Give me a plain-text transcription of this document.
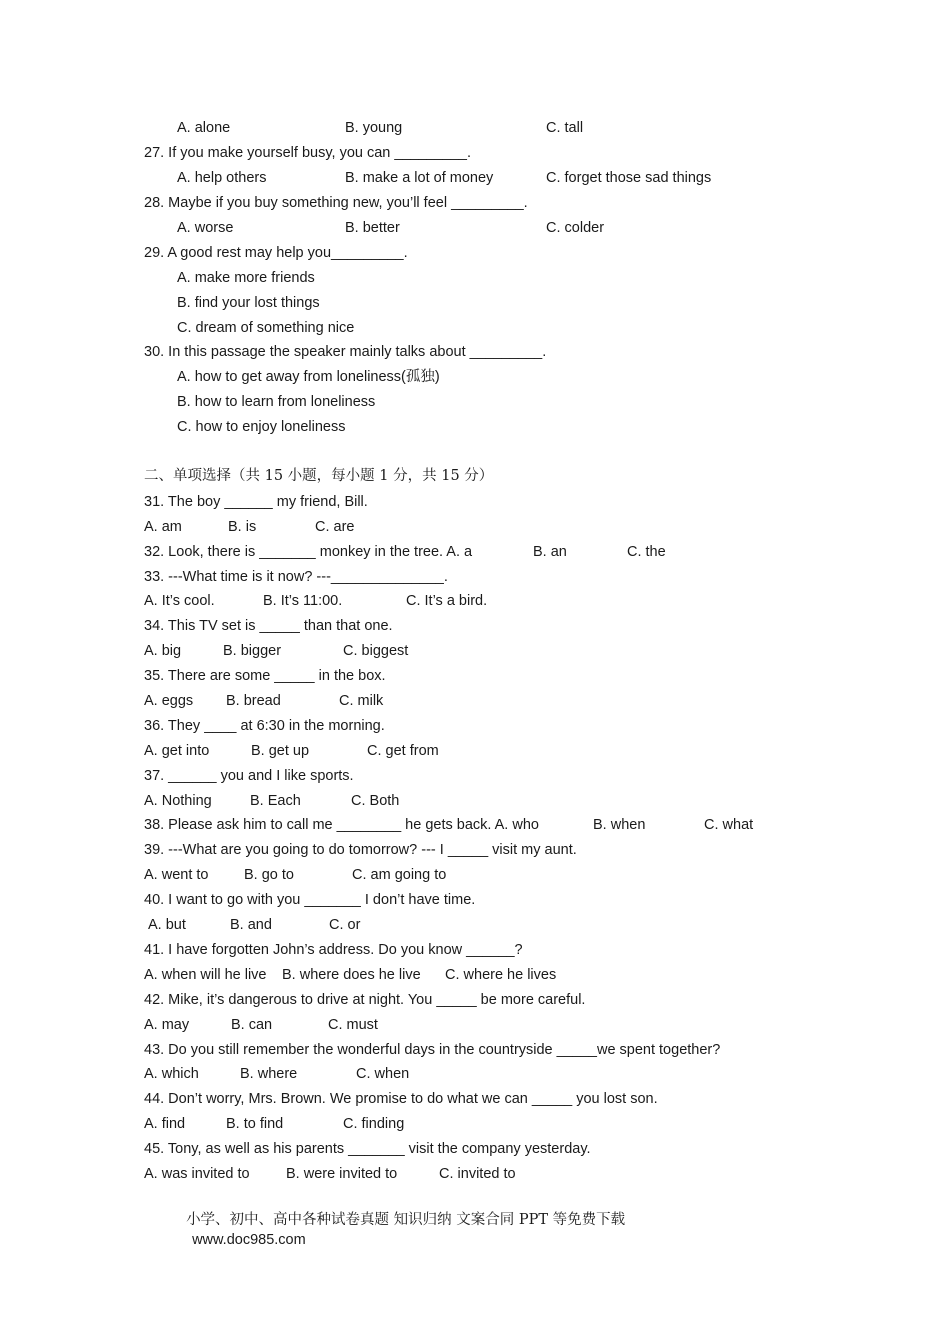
A. alone	B. young	C. tall
27. If you make yourself busy, you can _________.
A. help others	B. make a lot of money	C. forget those sad things
28. Maybe if you buy something new, you’ll feel _________.
A. worse	B. better	C. colder
29. A good rest may help you_________.
A. make more friends
B. find your lost things
C. dream of something nice
30. In this passage the speaker mainly talks about _________.
A. how to get away from loneliness(孤独)
B. how to learn from loneliness
C. how to enjoy loneliness
二、单项选择（共 15 小题，每小题 1 分，共 15 分）
31. The boy ______ my friend, Bill.
A. am	B. is	C. are
32. Look, there is _______ monkey in the tree. A. a	B. an	C. the
33. ---What time is it now? ---______________.
A. It’s cool.	B. It’s 11:00.	C. It’s a bird.
34. This TV set is _____ than that one.
A. big	B. bigger	C. biggest
35. There are some _____ in the box.
A. eggs B. bread	C. milk
36. They ____ at 6:30 in the morning.
A. get into	B. get up	C. get from
37. ______ you and I like sports.
A. Nothing	B. Each	C. Both
38. Please ask him to call me ________ he gets back. A. who	B. when	C. what
39. ---What are you going to do tomorrow? --- I _____ visit my aunt.
A. went to B. go to	C. am going to
40. I want to go with you _______ I don’t have time.
A. but	B. and	C. or
41. I have forgotten John’s address. Do you know ______?
A. when will he live B. where does he live C. where he lives
42. Mike, it’s dangerous to drive at night. You _____ be more careful.
A. may	B. can	C. must
43. Do you still remember the wonderful days in the countryside _____we spent together?
A. which	B. where	C. when
44. Don’t worry, Mrs. Brown. We promise to do what we can _____ you lost son.
A. find	B. to find	C. finding
45. Tony, as well as his parents _______ visit the company yesterday.
A. was invited to	B. were invited to	C. invited to

小学、初中、高中各种试卷真题 知识归纳 文案合同 PPT 等免费下载
www.doc985.com
